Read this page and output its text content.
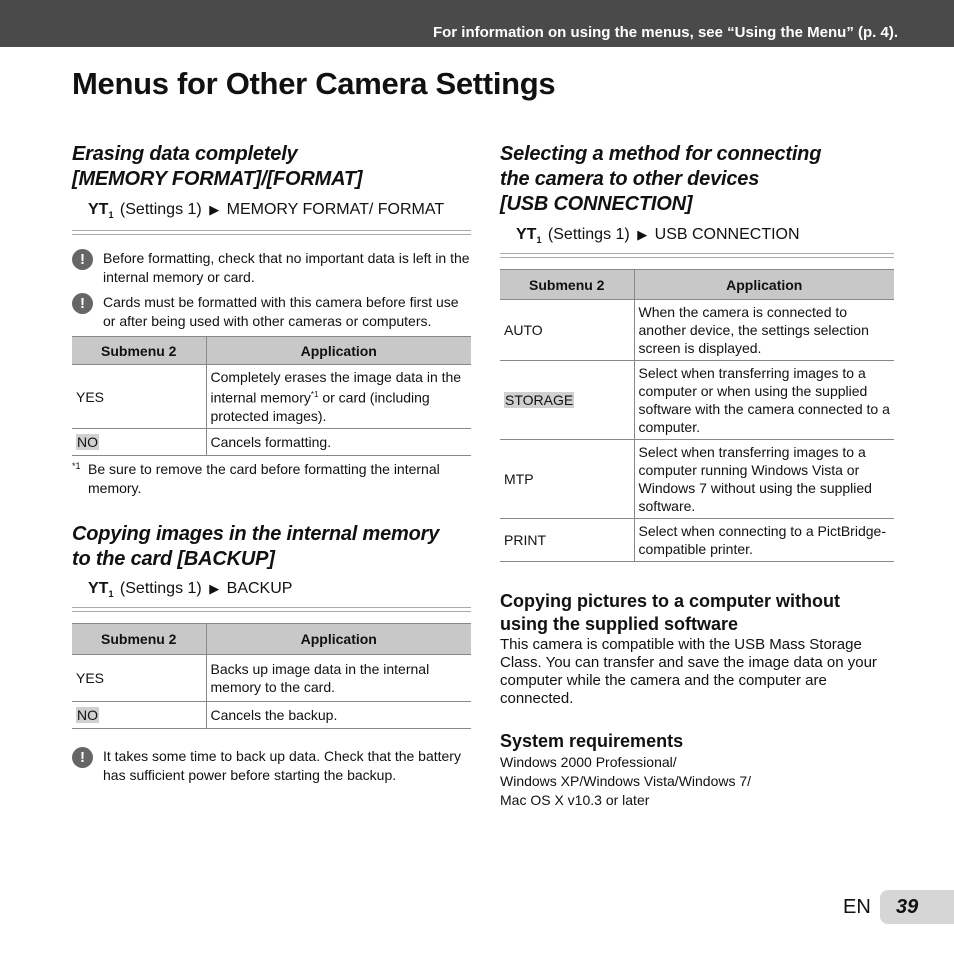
For information on using the menus, see “Using the Menu” (p. 4).
Menus for Other Camera Settings
Erasing data completely
[MEMORY FORMAT]/[FORMAT]
$YT_1$ (Settings 1) ▶ MEMORY FORMAT/ FORMAT
!	Before formatting, check that no important data is left in the internal memory or card.
!	Cards must be formatted with this camera before first use or after being used with other cameras or computers.
Submenu 2	Application
YES	Completely erases the image data in the internal memory$^{*1}$ or card (including protected images).
NO	Cancels formatting.
*1 Be sure to remove the card before formatting the internal memory.
Copying images in the internal memory
to the card [BACKUP]
$YT_1$ (Settings 1) ▶ BACKUP
Submenu 2	Application
YES	Backs up image data in the internal memory to the card.
NO	Cancels the backup.
!	It takes some time to back up data. Check that the battery has sufficient power before starting the backup.
Selecting a method for connecting
the camera to other devices
[USB CONNECTION]
$YT_1$ (Settings 1) ▶ USB CONNECTION
Submenu 2	Application
AUTO	When the camera is connected to another device, the settings selection screen is displayed.
STORAGE	Select when transferring images to a computer or when using the supplied software with the camera connected to a computer.
MTP	Select when transferring images to a computer running Windows Vista or Windows 7 without using the supplied software.
PRINT	Select when connecting to a PictBridge-compatible printer.
Copying pictures to a computer without
using the supplied software
This camera is compatible with the USB Mass Storage Class. You can transfer and save the image data on your computer while the camera and the computer are connected.
System requirements
Windows 2000 Professional/
Windows XP/Windows Vista/Windows 7/
Mac OS X v10.3 or later
EN	39
